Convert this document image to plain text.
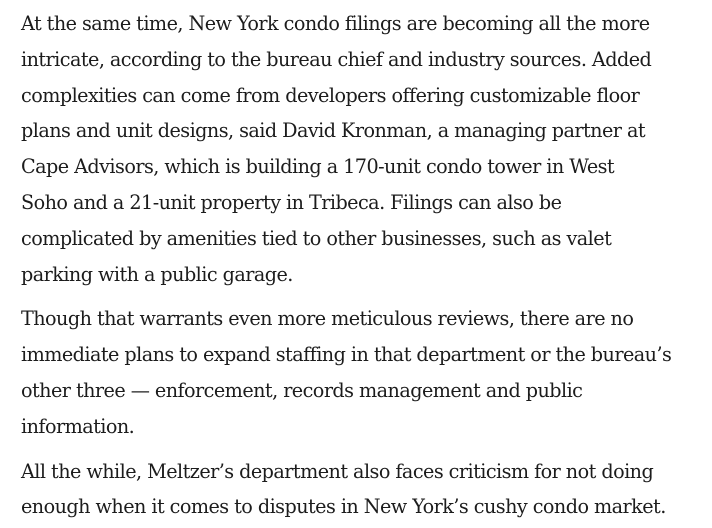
At the same time, New York condo filings are becoming all the more
intricate, according to the bureau chief and industry sources. Added
complexities can come from developers offering customizable floor
plans and unit designs, said David Kronman, a managing partner at
Cape Advisors, which is building a 170-unit condo tower in West
Soho and a 21-unit property in Tribeca. Filings can also be
complicated by amenities tied to other businesses, such as valet
parking with a public garage.

Though that warrants even more meticulous reviews, there are no
immediate plans to expand staffing in that department or the bureau’s
other three — enforcement, records management and public
information.

All the while, Meltzer’s department also faces criticism for not doing
enough when it comes to disputes in New York’s cushy condo market.
